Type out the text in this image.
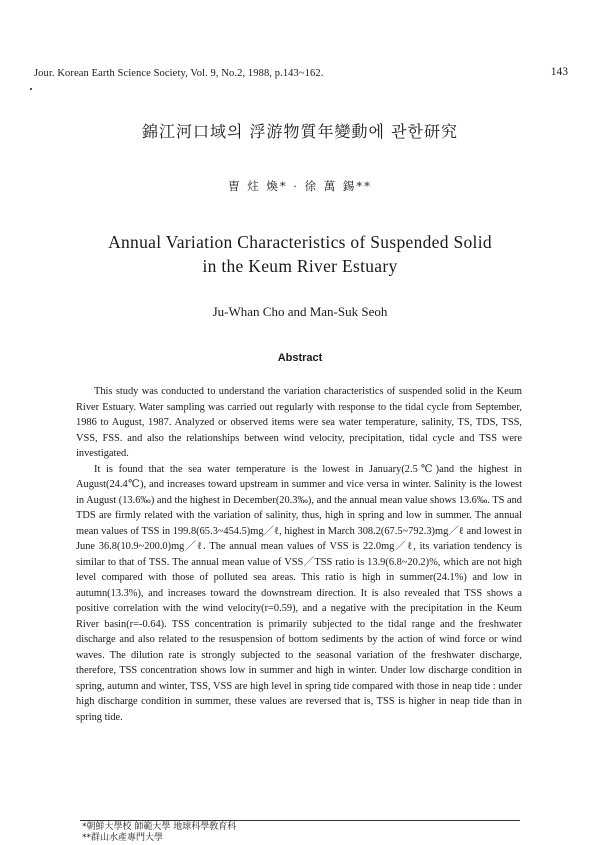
Jour. Korean Earth Science Society, Vol. 9, No.2, 1988, p.143~162.	143
錦江河口域의 浮游物質年變動에 관한研究
曺 炷 煥* · 徐 萬 錫**
Annual Variation Characteristics of Suspended Solid
in the Keum River Estuary
Ju-Whan Cho and Man-Suk Seoh
Abstract

This study was conducted to understand the variation characteristics of suspended solid in the Keum River Estuary. Water sampling was carried out regularly with response to the tidal cycle from September, 1986 to August, 1987. Analyzed or observed items were sea water temperature, salinity, TS, TDS, TSS, VSS, FSS. and also the relationships between wind velocity, precipitation, tidal cycle and TSS were investigated.

It is found that the sea water temperature is the lowest in January(2.5℃)and the highest in August(24.4℃), and increases toward upstream in summer and vice versa in winter. Salinity is the lowest in August (13.6‰) and the highest in December(20.3‰), and the annual mean value shows 13.6‰. TS and TDS are firmly related with the variation of salinity, thus, high in spring and low in summer. The annual mean values of TSS in 199.8(65.3~454.5)mg／ℓ, highest in March 308.2(67.5~792.3)mg／ℓ and lowest in June 36.8(10.9~200.0)mg／ℓ. The annual mean values of VSS is 22.0mg／ℓ, its variation tendency is similar to that of TSS. The annual mean value of VSS／TSS ratio is 13.9(6.8~20.2)%, which are not high level compared with those of polluted sea areas. This ratio is high in summer(24.1%) and low in autumn(13.3%), and increases toward the downstream direction. It is also revealed that TSS shows a positive correlation with the wind velocity(r=0.59), and a negative with the precipitation in the Keum River basin(r=-0.64). TSS concentration is primarily subjected to the tidal range and the freshwater discharge and also related to the resuspension of bottom sediments by the action of wind force or wind waves. The dilution rate is strongly subjected to the seasonal variation of the freshwater discharge, therefore, TSS concentration shows low in summer and high in winter. Under low discharge condition in spring, autumn and winter, TSS, VSS are high level in spring tide compared with those in neap tide : under high discharge condition in summer, these values are reversed that is, TSS is higher in neap tide than in spring tide.

*朝鮮大學校 師範大學 地球科學敎育科
**群山水產專門大學
